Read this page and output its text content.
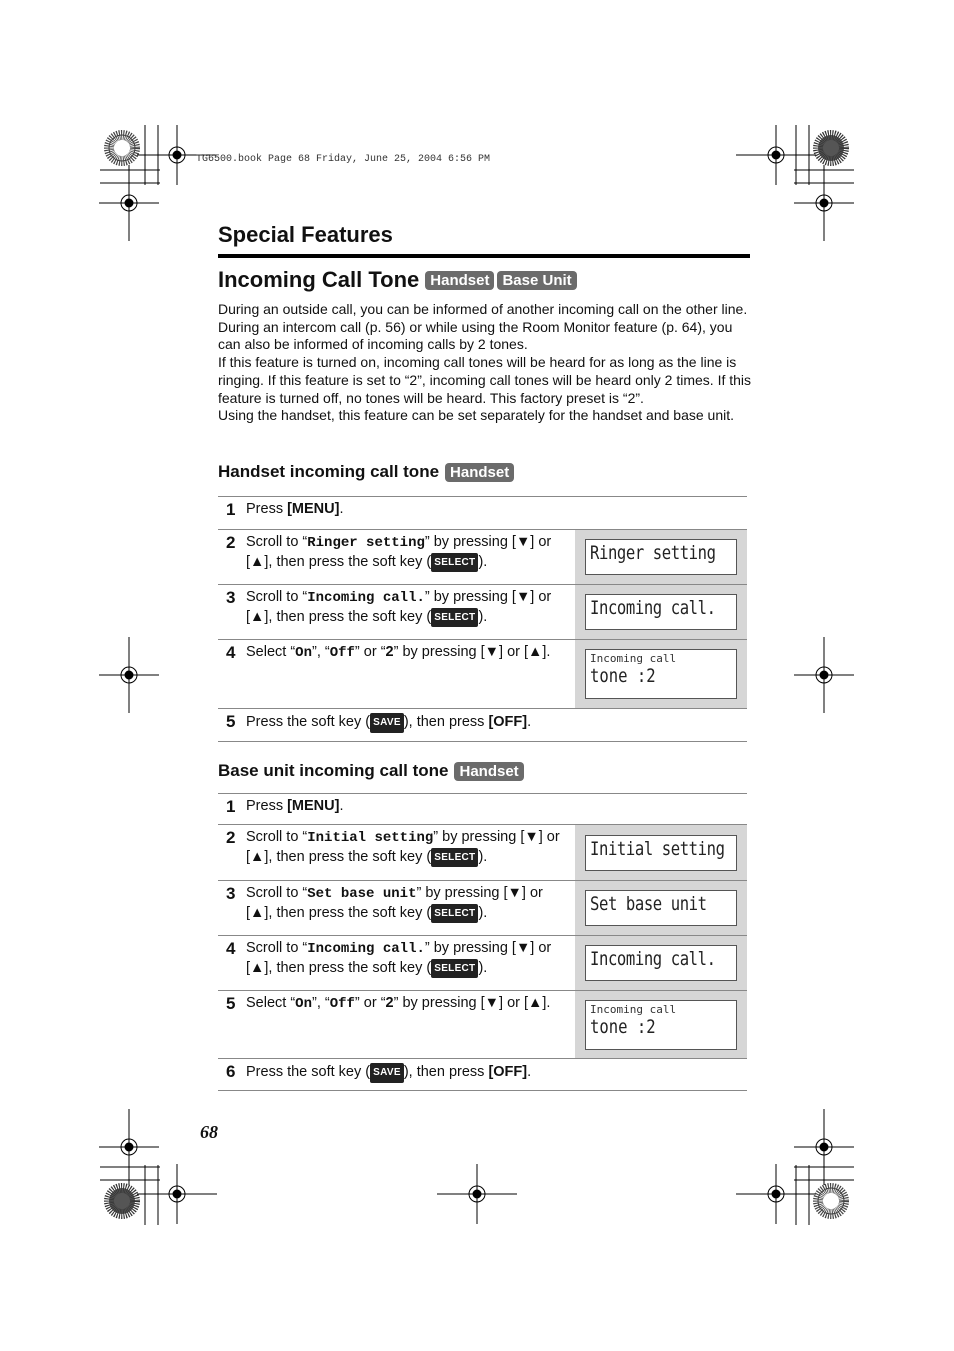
TG6500.book Page 68 Friday, June 25, 2004 6:56 PM
Special Features
Incoming Call Tone Handset Base Unit

During an outside call, you can be informed of another incoming call on the other line.

During an intercom call (p. 56) or while using the Room Monitor feature (p. 64), you can also be informed of incoming calls by 2 tones.

If this feature is turned on, incoming call tones will be heard for as long as the line is ringing. If this feature is set to “2”, incoming call tones will be heard only 2 times. If this feature is turned off, no tones will be heard. This factory preset is “2”.

Using the handset, this feature can be set separately for the handset and base unit.

Handset incoming call tone Handset
1 Press [MENU].
2 Scroll to “Ringer setting” by pressing [▼] or [▲], then press the soft key ( SELECT ).	Ringer setting
3 Scroll to “Incoming call.” by pressing [▼] or [▲], then press the soft key ( SELECT ).	Incoming call.
4 Select “On”, “Off” or “2” by pressing [▼] or [▲].	Incoming call
tone :2
5 Press the soft key ( SAVE ), then press [OFF].
Base unit incoming call tone Handset
1 Press [MENU].
2 Scroll to “Initial setting” by pressing [▼] or [▲], then press the soft key ( SELECT ).	Initial setting
3 Scroll to “Set base unit” by pressing [▼] or [▲], then press the soft key ( SELECT ).	Set base unit
4 Scroll to “Incoming call.” by pressing [▼] or [▲], then press the soft key ( SELECT ).	Incoming call.
5 Select “On”, “Off” or “2” by pressing [▼] or [▲].	Incoming call
tone :2
6 Press the soft key ( SAVE ), then press [OFF].
68
